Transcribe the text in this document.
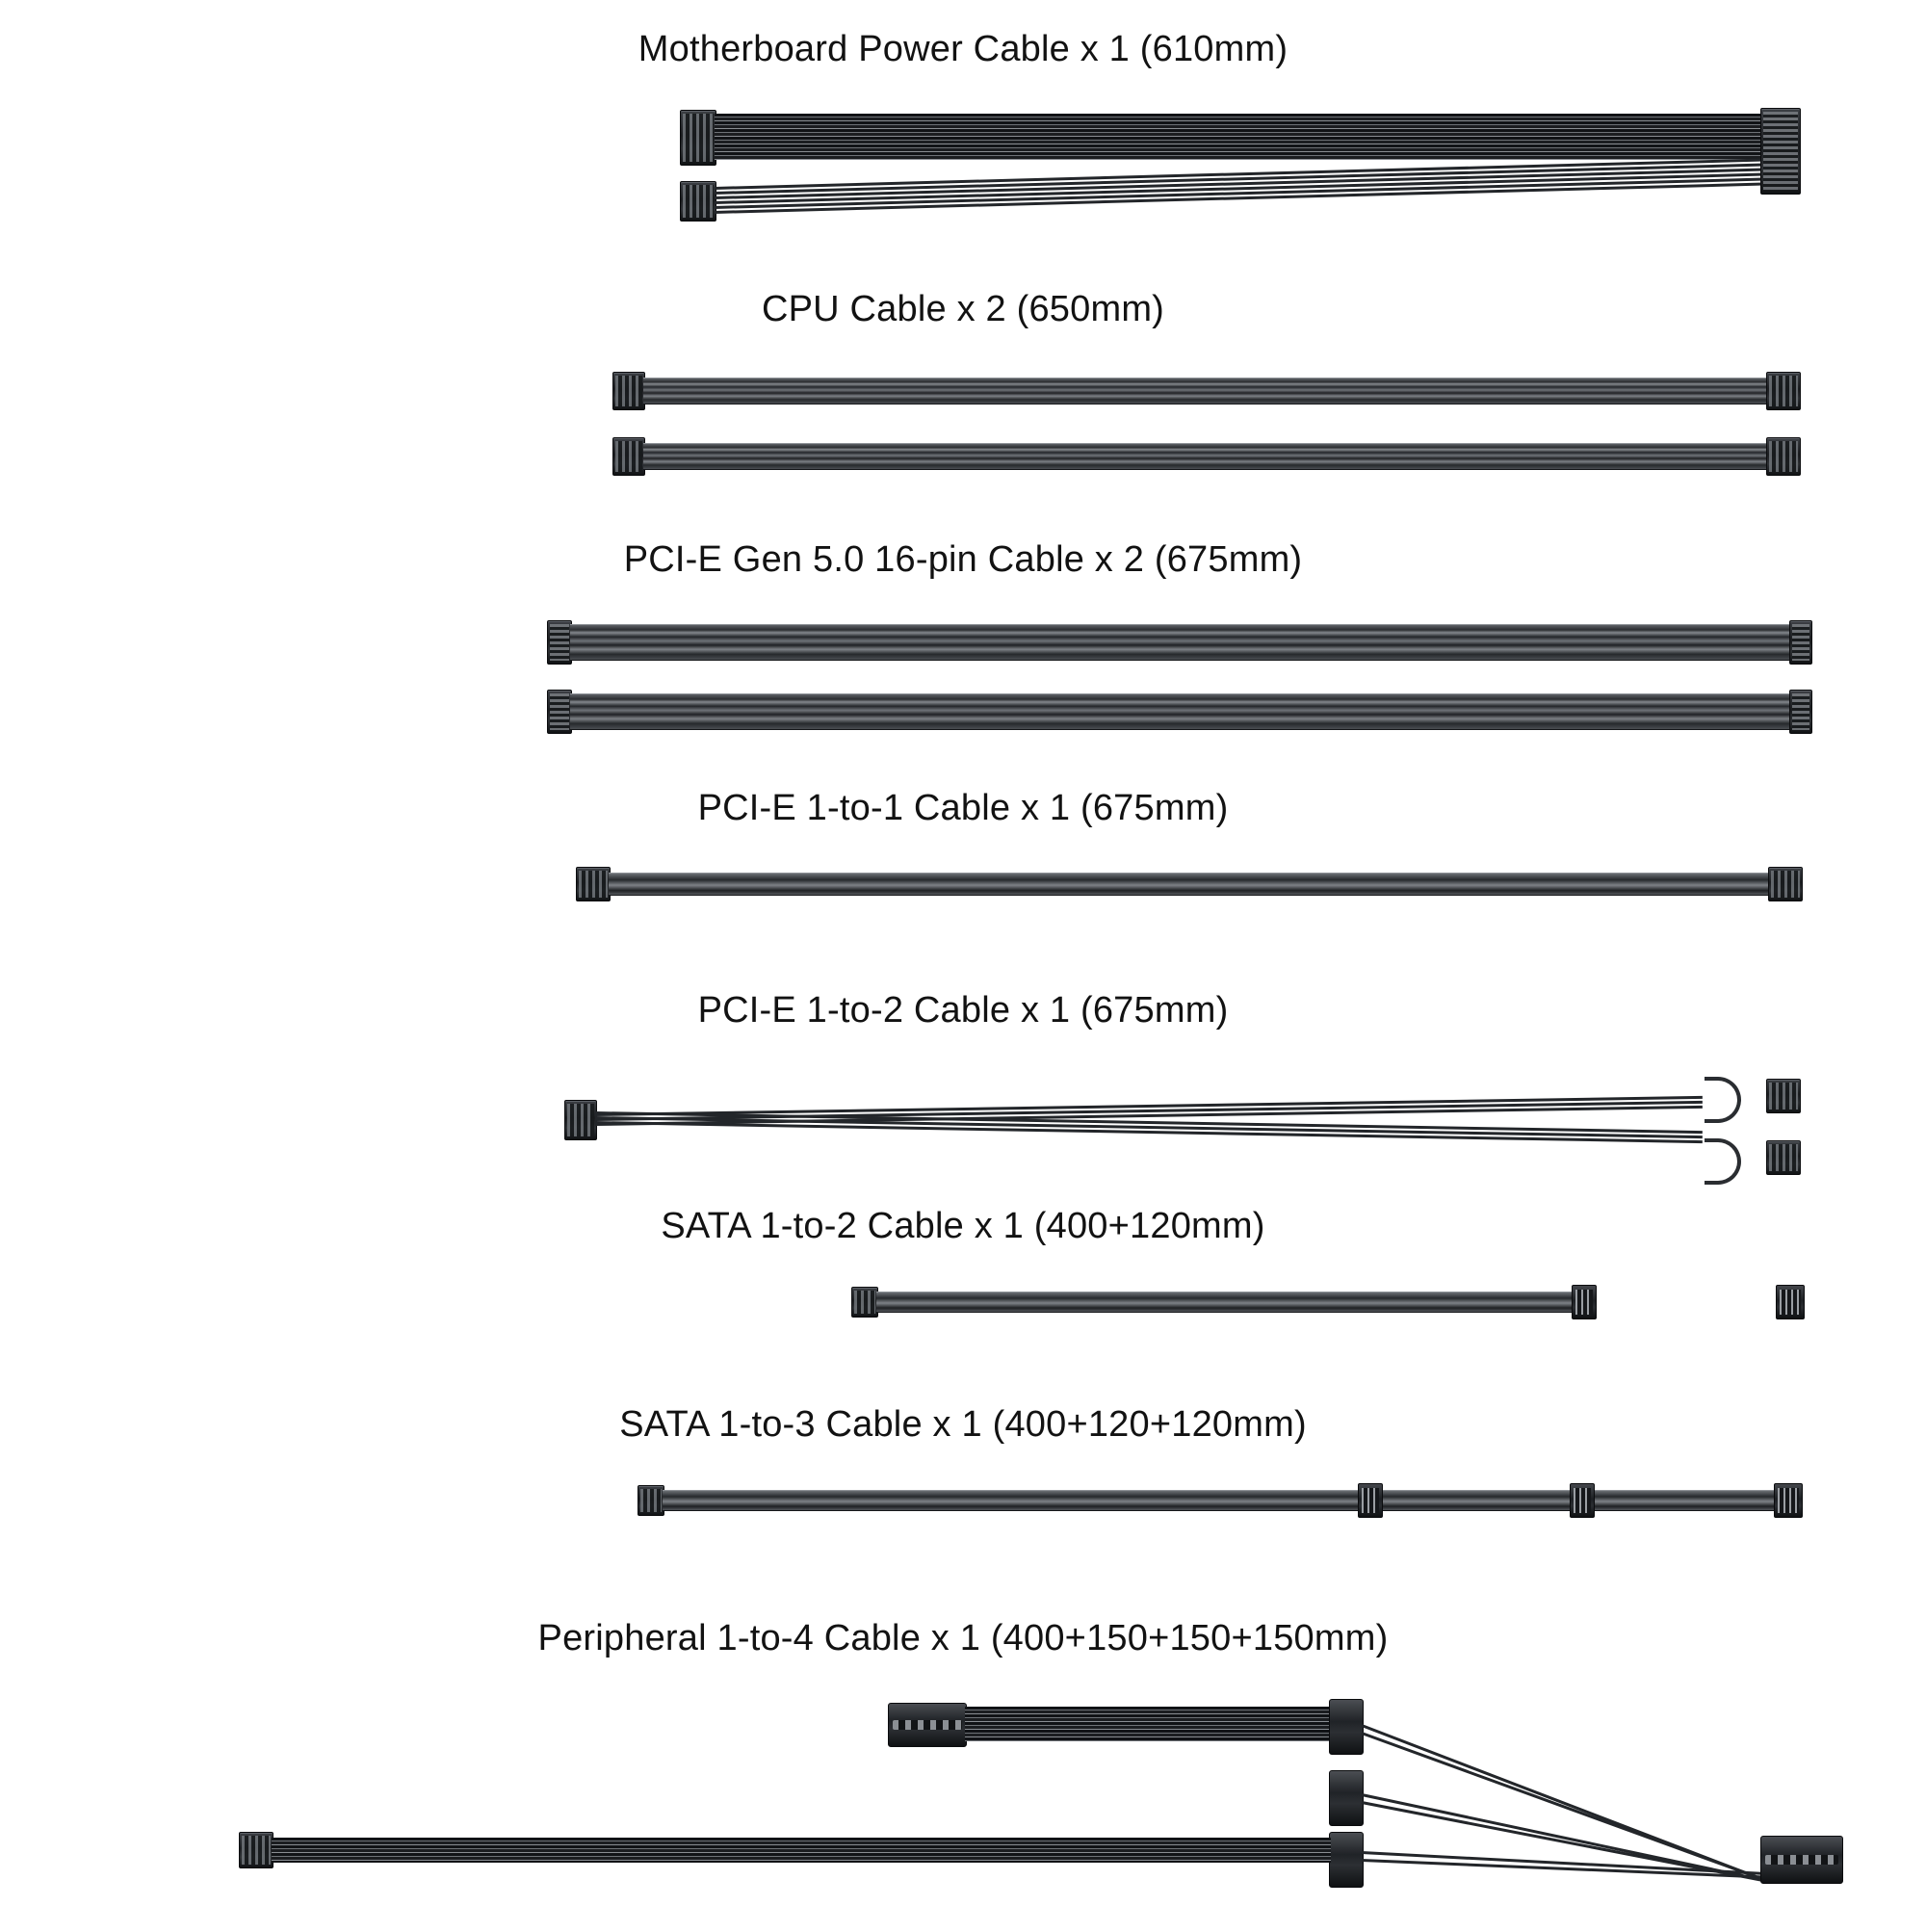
Motherboard Power Cable x 1 (610mm)
CPU Cable x 2 (650mm)
PCI-E Gen 5.0 16-pin Cable x 2 (675mm)
PCI-E 1-to-1 Cable x 1 (675mm)
PCI-E 1-to-2 Cable x 1 (675mm)
SATA 1-to-2 Cable x 1 (400+120mm)
SATA 1-to-3 Cable x 1 (400+120+120mm)
Peripheral 1-to-4 Cable x 1 (400+150+150+150mm)
